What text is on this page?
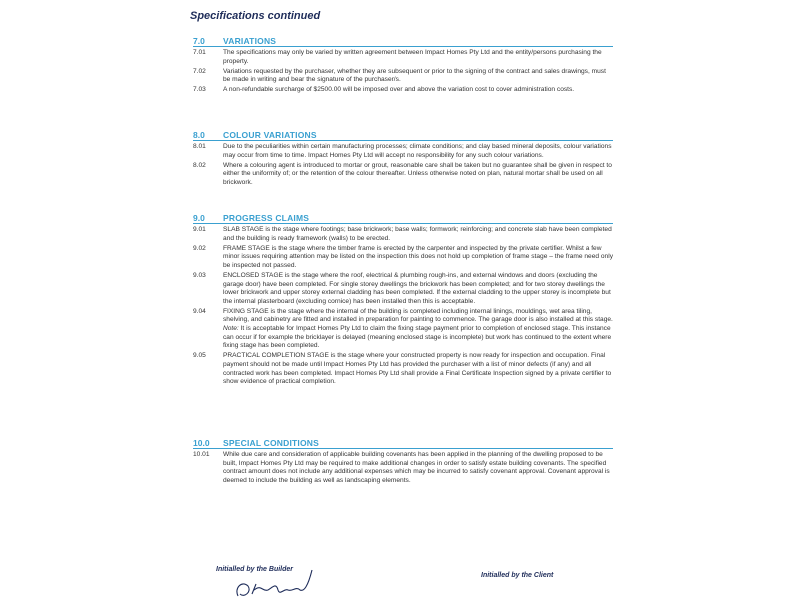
Specifications continued
7.0	VARIATIONS
7.01	The specifications may only be varied by written agreement between Impact Homes Pty Ltd and the entity/persons purchasing the property.
7.02	Variations requested by the purchaser, whether they are subsequent or prior to the signing of the contract and sales drawings, must be made in writing and bear the signature of the purchaser/s.
7.03	A non-refundable surcharge of $2500.00 will be imposed over and above the variation cost to cover administration costs.
8.0	COLOUR VARIATIONS
8.01	Due to the peculiarities within certain manufacturing processes; climate conditions; and clay based mineral deposits, colour variations may occur from time to time. Impact Homes Pty Ltd will accept no responsibility for any such colour variations.
8.02	Where a colouring agent is introduced to mortar or grout, reasonable care shall be taken but no guarantee shall be given in respect to either the uniformity of; or the retention of the colour thereafter. Unless otherwise noted on plan, natural mortar shall be used on all brickwork.
9.0	PROGRESS CLAIMS
9.01	SLAB STAGE is the stage where footings; base brickwork; base walls; formwork; reinforcing; and concrete slab have been completed and the building is ready framework (walls) to be erected.
9.02	FRAME STAGE is the stage where the timber frame is erected by the carpenter and inspected by the private certifier. Whilst a few minor issues requiring attention may be listed on the inspection this does not hold up completion of frame stage – the frame need only be inspected not passed.
9.03	ENCLOSED STAGE is the stage where the roof, electrical & plumbing rough-ins, and external windows and doors (excluding the garage door) have been completed. For single storey dwellings the brickwork has been completed; and for two storey dwellings the lower brickwork and upper storey external cladding has been completed. If the external cladding to the upper storey is incomplete but the internal plasterboard (excluding cornice) has been installed then this is acceptable.
9.04	FIXING STAGE is the stage where the internal of the building is completed including internal linings, mouldings, wet area tiling, shelving, and cabinetry are fitted and installed in preparation for painting to commence. The garage door is also installed at this stage.
Note: It is acceptable for Impact Homes Pty Ltd to claim the fixing stage payment prior to completion of enclosed stage. This instance can occur if for example the bricklayer is delayed (meaning enclosed stage is incomplete) but work has continued to the extent where fixing stage has been completed.
9.05	PRACTICAL COMPLETION STAGE is the stage where your constructed property is now ready for inspection and occupation. Final payment should not be made until Impact Homes Pty Ltd has provided the purchaser with a list of minor defects (if any) and all contracted work has been completed. Impact Homes Pty Ltd shall provide a Final Certificate Inspection signed by a private certifier to show evidence of practical completion.
10.0	SPECIAL CONDITIONS
10.01	While due care and consideration of applicable building covenants has been applied in the planning of the dwelling proposed to be built, Impact Homes Pty Ltd may be required to make additional changes in order to satisfy estate building covenants. The specified contract amount does not include any additional expenses which may be incurred to satisfy covenant approval. Covenant approval is deemed to include the building as well as landscaping elements.
Initialled by the Builder
Initialled by the Client
